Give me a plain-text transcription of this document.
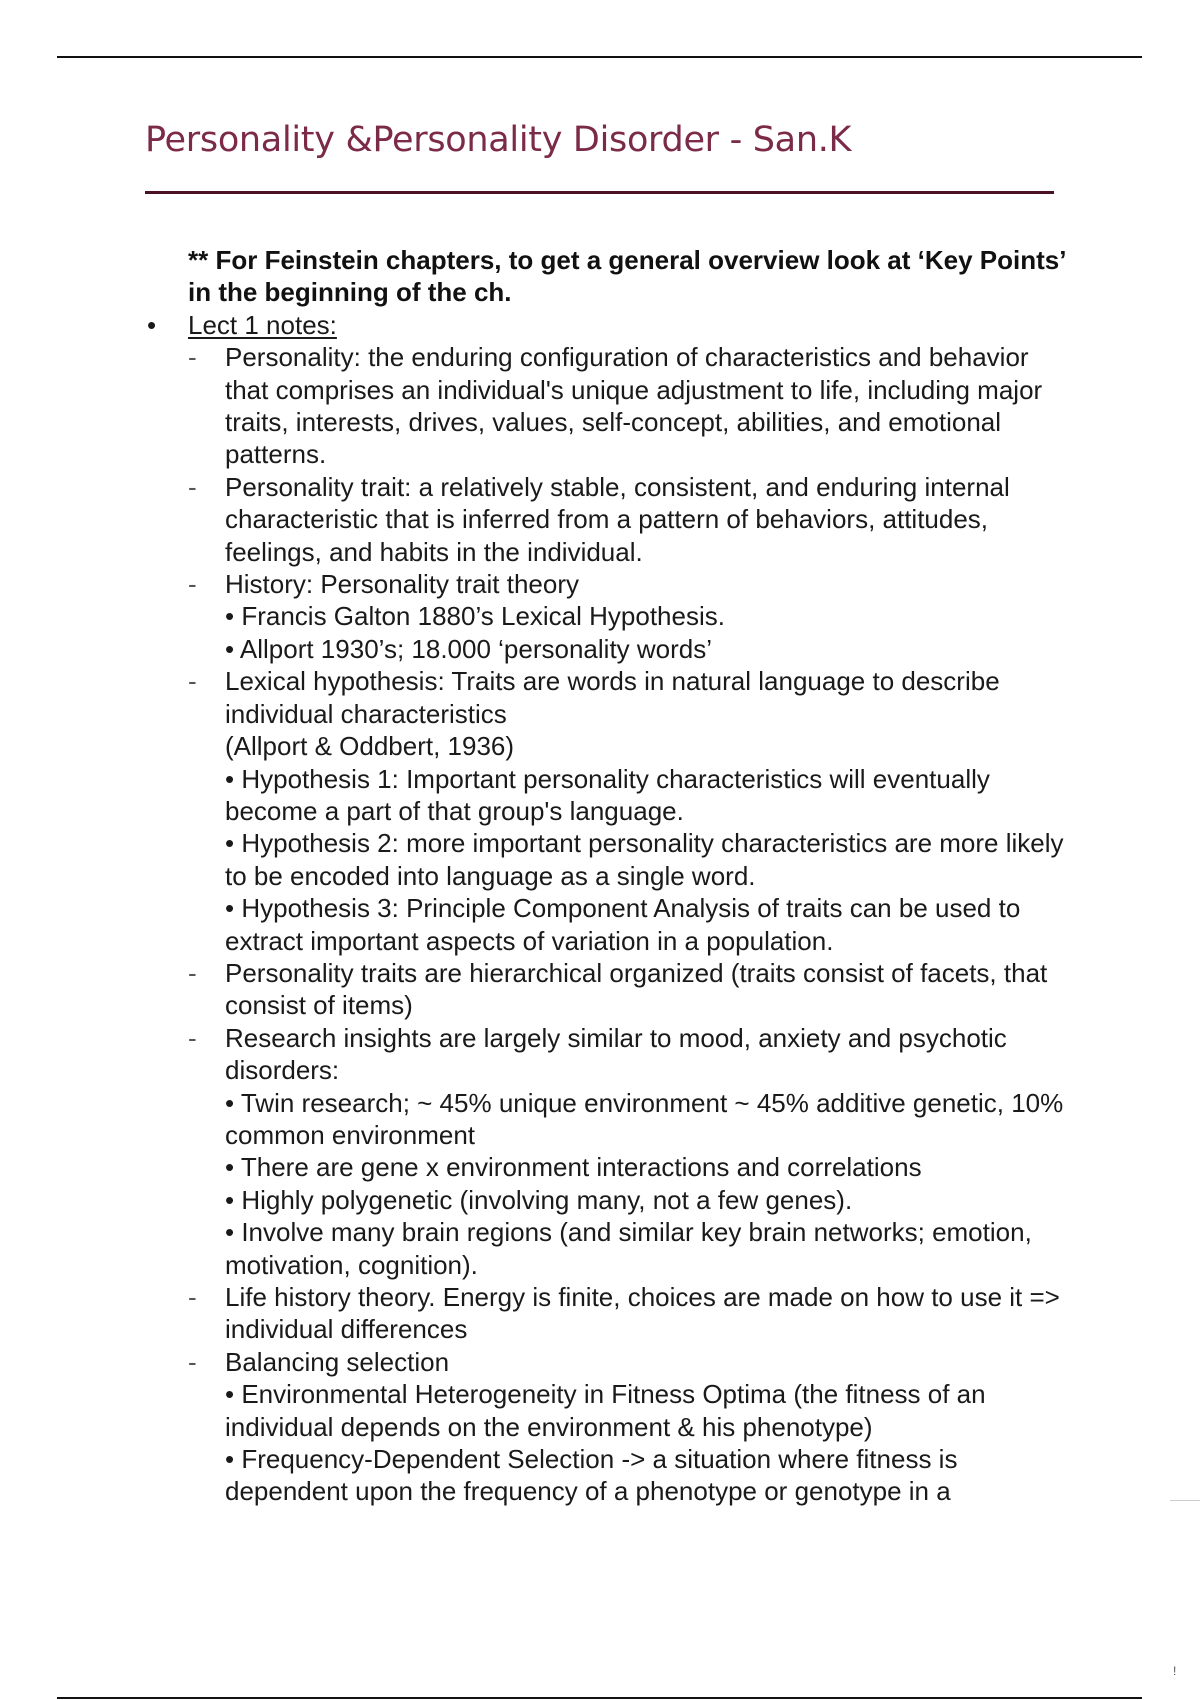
Personality &Personality Disorder - San.K
** For Feinstein chapters, to get a general overview look at ‘Key Points’ in the beginning of the ch.
• Lect 1 notes:
- Personality: the enduring configuration of characteristics and behavior that comprises an individual's unique adjustment to life, including major traits, interests, drives, values, self-concept, abilities, and emotional patterns.
- Personality trait: a relatively stable, consistent, and enduring internal characteristic that is inferred from a pattern of behaviors, attitudes, feelings, and habits in the individual.
- History: Personality trait theory
• Francis Galton 1880’s Lexical Hypothesis.
• Allport 1930’s; 18.000 ‘personality words’
- Lexical hypothesis: Traits are words in natural language to describe individual characteristics
(Allport & Oddbert, 1936)
• Hypothesis 1: Important personality characteristics will eventually become a part of that group's language.
• Hypothesis 2: more important personality characteristics are more likely to be encoded into language as a single word.
• Hypothesis 3: Principle Component Analysis of traits can be used to extract important aspects of variation in a population.
- Personality traits are hierarchical organized (traits consist of facets, that consist of items)
- Research insights are largely similar to mood, anxiety and psychotic disorders:
• Twin research; ~ 45% unique environment ~ 45% additive genetic, 10% common environment
• There are gene x environment interactions and correlations
• Highly polygenetic (involving many, not a few genes).
• Involve many brain regions (and similar key brain networks; emotion, motivation, cognition).
- Life history theory. Energy is finite, choices are made on how to use it => individual differences
- Balancing selection
• Environmental Heterogeneity in Fitness Optima (the fitness of an individual depends on the environment & his phenotype)
• Frequency-Dependent Selection -> a situation where fitness is dependent upon the frequency of a phenotype or genotype in a
!
